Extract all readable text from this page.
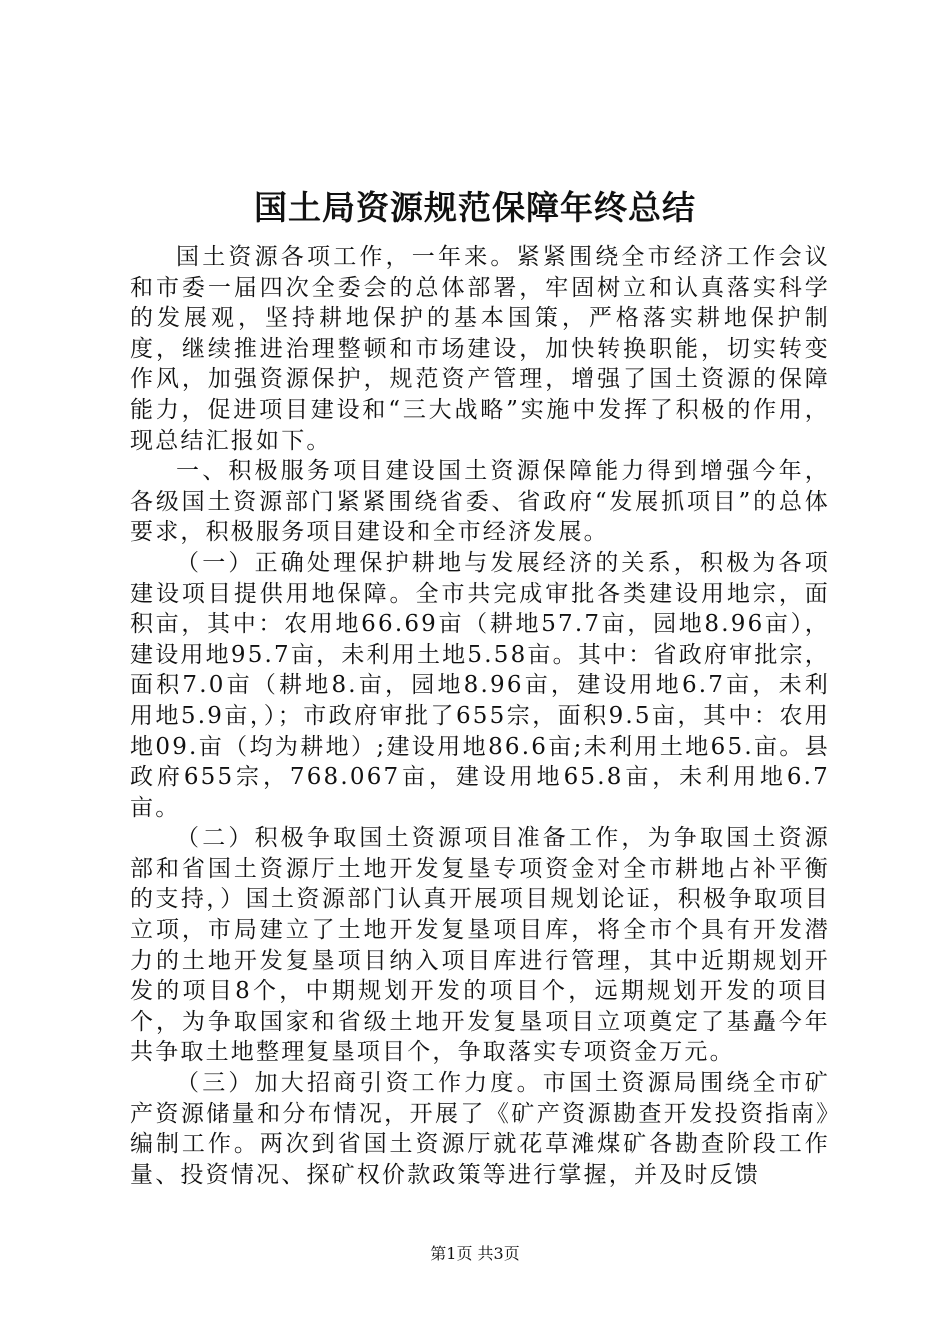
国土局资源规范保障年终总结

国土资源各项工作，一年来。紧紧围绕全市经济工作会议和市委一届四次全委会的总体部署，牢固树立和认真落实科学的发展观，坚持耕地保护的基本国策，严格落实耕地保护制度，继续推进治理整顿和市场建设，加快转换职能，切实转变作风，加强资源保护，规范资产管理，增强了国土资源的保障能力，促进项目建设和“三大战略”实施中发挥了积极的作用，现总结汇报如下。

一、积极服务项目建设国土资源保障能力得到增强今年，各级国土资源部门紧紧围绕省委、省政府“发展抓项目”的总体要求，积极服务项目建设和全市经济发展。

（一）正确处理保护耕地与发展经济的关系，积极为各项建设项目提供用地保障。全市共完成审批各类建设用地宗，面积亩，其中：农用地66.69亩（耕地57.7亩，园地8.96亩），建设用地95.7亩，未利用土地5.58亩。其中：省政府审批宗，面积7.0亩（耕地8.亩，园地8.96亩，建设用地6.7亩，未利用地5.9亩，）；市政府审批了655宗，面积9.5亩，其中：农用地09.亩（均为耕地）;建设用地86.6亩;未利用土地65.亩。县政府655宗，768.067亩，建设用地65.8亩，未利用地6.7亩。

（二）积极争取国土资源项目准备工作，为争取国土资源部和省国土资源厅土地开发复垦专项资金对全市耕地占补平衡的支持，）国土资源部门认真开展项目规划论证，积极争取项目立项，市局建立了土地开发复垦项目库，将全市个具有开发潜力的土地开发复垦项目纳入项目库进行管理，其中近期规划开发的项目8个，中期规划开发的项目个，远期规划开发的项目个，为争取国家和省级土地开发复垦项目立项奠定了基矗今年共争取土地整理复垦项目个，争取落实专项资金万元。

（三）加大招商引资工作力度。市国土资源局围绕全市矿产资源储量和分布情况，开展了《矿产资源勘查开发投资指南》编制工作。两次到省国土资源厅就花草滩煤矿各勘查阶段工作量、投资情况、探矿权价款政策等进行掌握，并及时反馈

第1页 共3页
